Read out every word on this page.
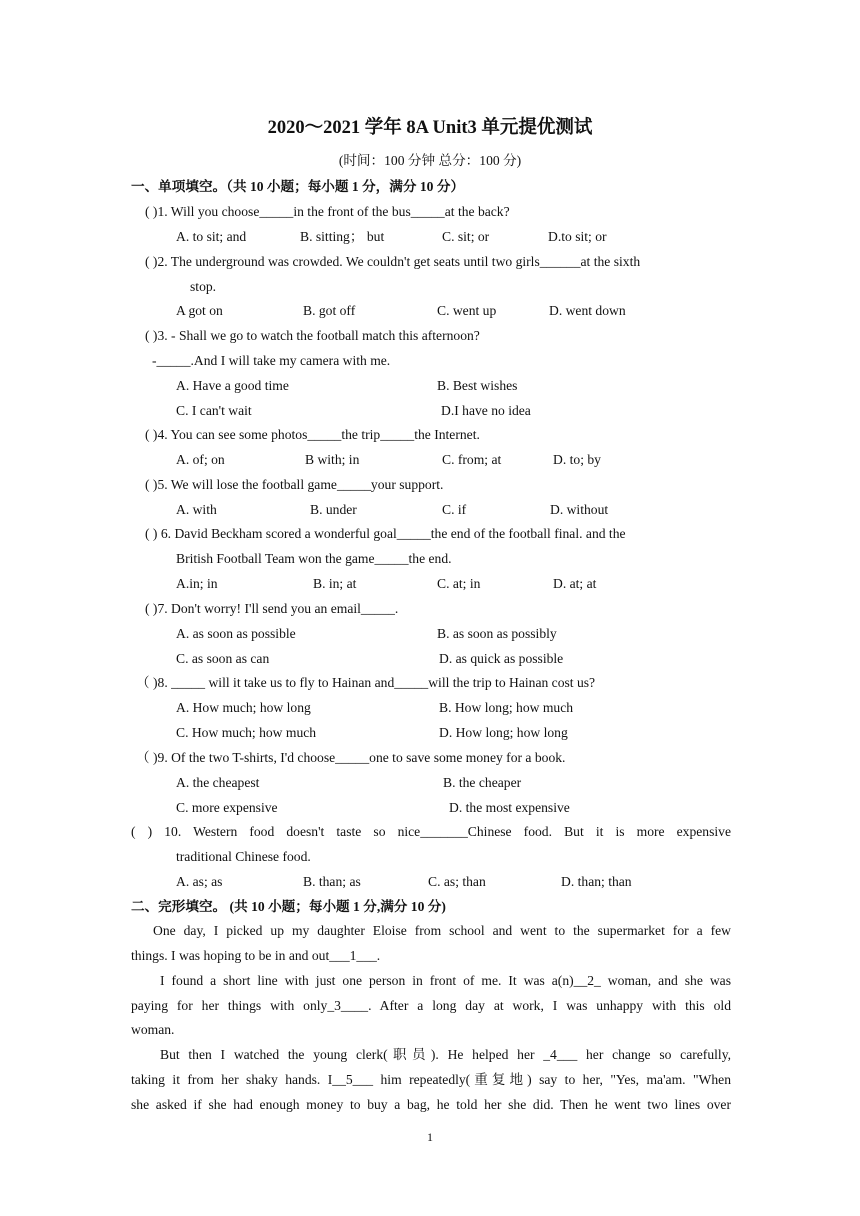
2020～2021 学年 8A Unit3 单元提优测试
(时间：100 分钟 总分：100 分)
一、单项填空。（共 10 小题；每小题 1 分，满分 10 分）
( )1. Will you choose_____in the front of the bus_____at the back?
A. to sit; and	B. sitting； but	C. sit; or	D.to sit; or
( )2. The underground was crowded. We couldn't get seats until two girls______at the sixth
stop.
A got on	B. got off	C. went up	D. went down
( )3. - Shall we go to watch the football match this afternoon?
-_____.And I will take my camera with me.
A. Have a good time	B. Best wishes
C. I can't wait	D.I have no idea
( )4. You can see some photos_____the trip_____the Internet.
A. of; on	B with; in	C. from; at	D. to; by
( )5. We will lose the football game_____your support.
A. with	B. under	C. if	D. without
( ) 6. David Beckham scored a wonderful goal_____the end of the football final. and the
British Football Team won the game_____the end.
A.in; in	B. in; at	C. at; in	D. at; at
( )7. Don't worry! I'll send you an email_____.
A. as soon as possible	B. as soon as possibly
C. as soon as can	D. as quick as possible
（ )8. _____ will it take us to fly to Hainan and_____will the trip to Hainan cost us?
A. How much; how long	B. How long; how much
C. How much; how much	D. How long; how long
（ )9. Of the two T-shirts, I'd choose_____one to save some money for a book.
A. the cheapest	B. the cheaper
C. more expensive	D. the most expensive
( ) 10. Western food doesn't taste so nice_______Chinese food. But it is more expensive
traditional Chinese food.
A. as; as	B. than; as	C. as; than	D. than; than
二、完形填空。 (共 10 小题；每小题 1 分,满分 10 分)
One day, I picked up my daughter Eloise from school and went to the supermarket for a few
things. I was hoping to be in and out___1___.
I found a short line with just one person in front of me. It was a(n)__2_ woman, and she was
paying for her things with only_3____. After a long day at work, I was unhappy with this old
woman.
But then I watched the young clerk(职员). He helped her _4___ her change so carefully,
taking it from her shaky hands. I__5___ him repeatedly(重复地) say to her, "Yes, ma'am. "When
she asked if she had enough money to buy a bag, he told her she did. Then he went two lines over
1
